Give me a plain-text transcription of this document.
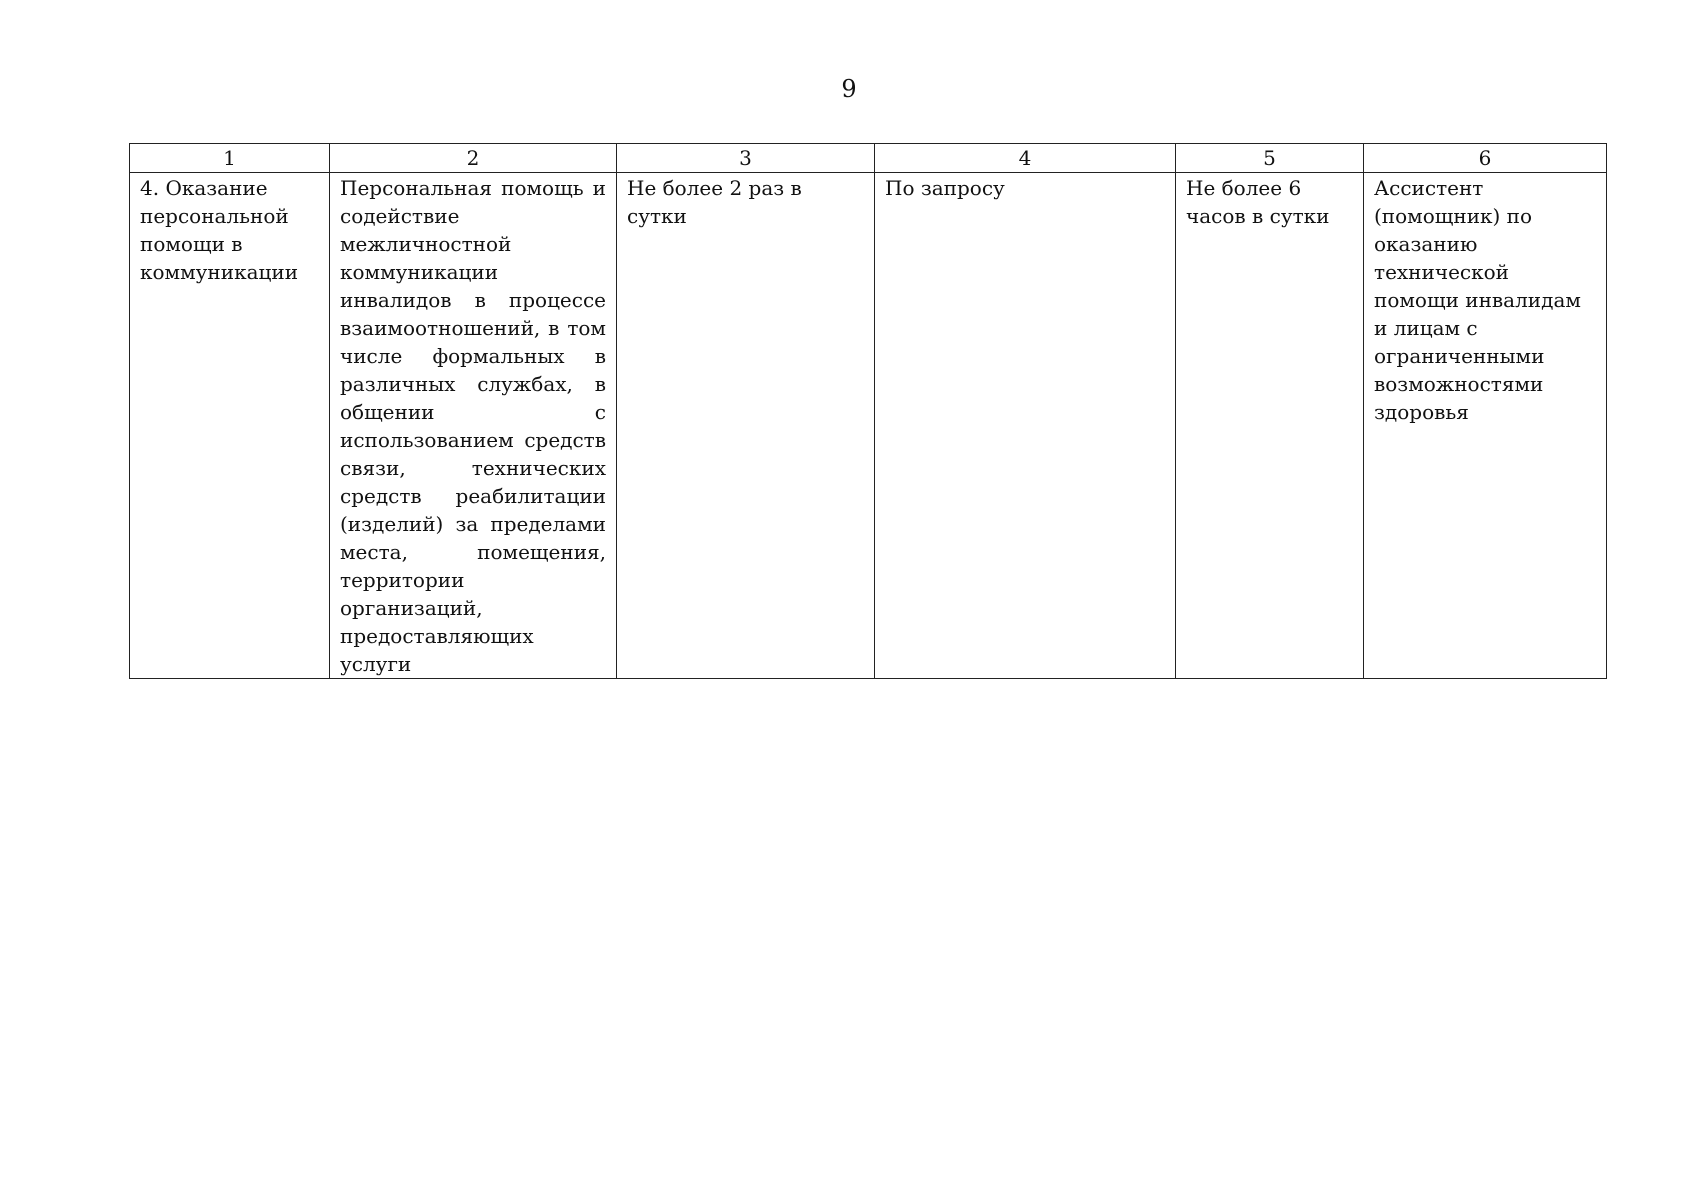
9
1	2	3	4	5	6
4. Оказание персональной помощи в коммуникации	Персональная помощь и содействие межличностной коммуникации инвалидов в процессе взаимоотношений, в том числе формальных в различных службах, в общении с использованием средств связи, технических средств реабилитации (изделий) за пределами места, помещения, территории организаций, предоставляющих услуги	Не более 2 раз в сутки	По запросу	Не более 6 часов в сутки	Ассистент (помощник) по оказанию технической помощи инвалидам и лицам с ограниченными возможностями здоровья
